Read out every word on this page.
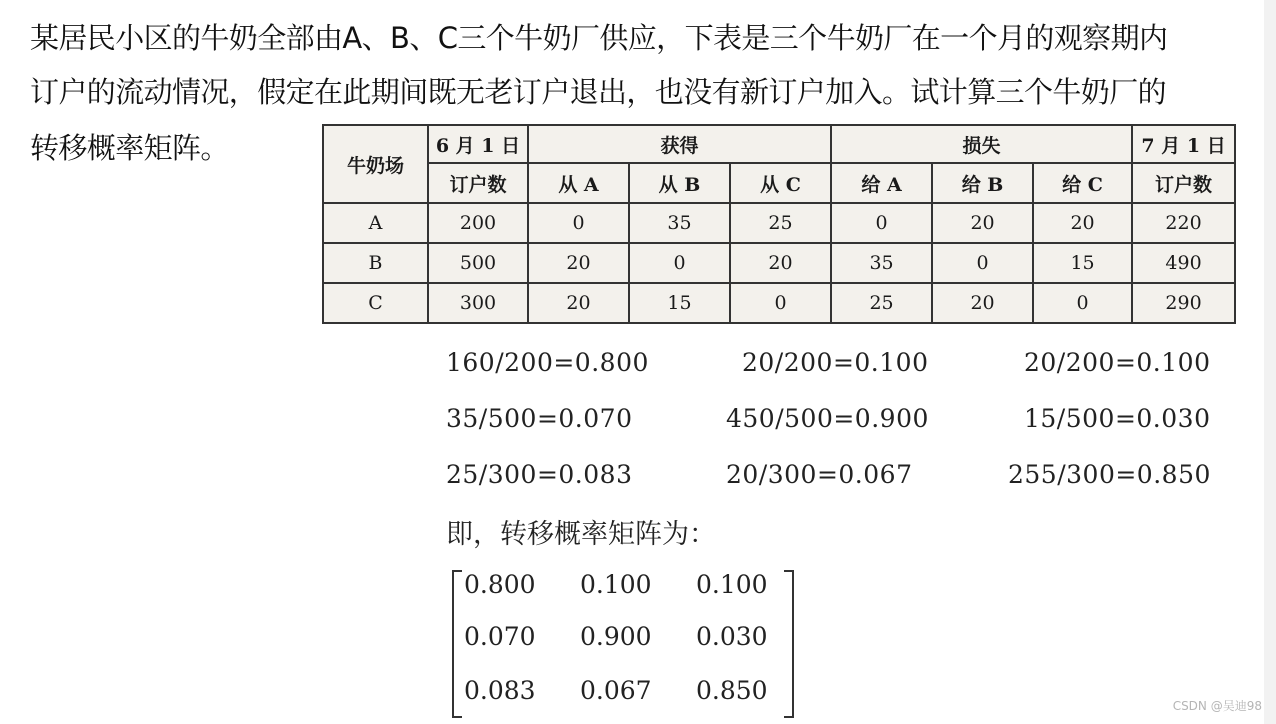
某居民小区的牛奶全部由A、B、C三个牛奶厂供应，下表是三个牛奶厂在一个月的观察期内
订户的流动情况，假定在此期间既无老订户退出，也没有新订户加入。试计算三个牛奶厂的
转移概率矩阵。
牛奶场	6 月 1 日	获得			损失			7 月 1 日
	订户数	从 A	从 B	从 C	给 A	给 B	给 C	订户数
A	200	0	35	25	0	20	20	220
B	500	20	0	20	35	0	15	490
C	300	20	15	0	25	20	0	290
160/200=0.800	20/200=0.100	20/200=0.100
35/500=0.070	450/500=0.900	15/500=0.030
25/300=0.083	20/300=0.067	255/300=0.850
即，转移概率矩阵为：
0.800	0.100	0.100
0.070	0.900	0.030
0.083	0.067	0.850
CSDN @吴迪98
